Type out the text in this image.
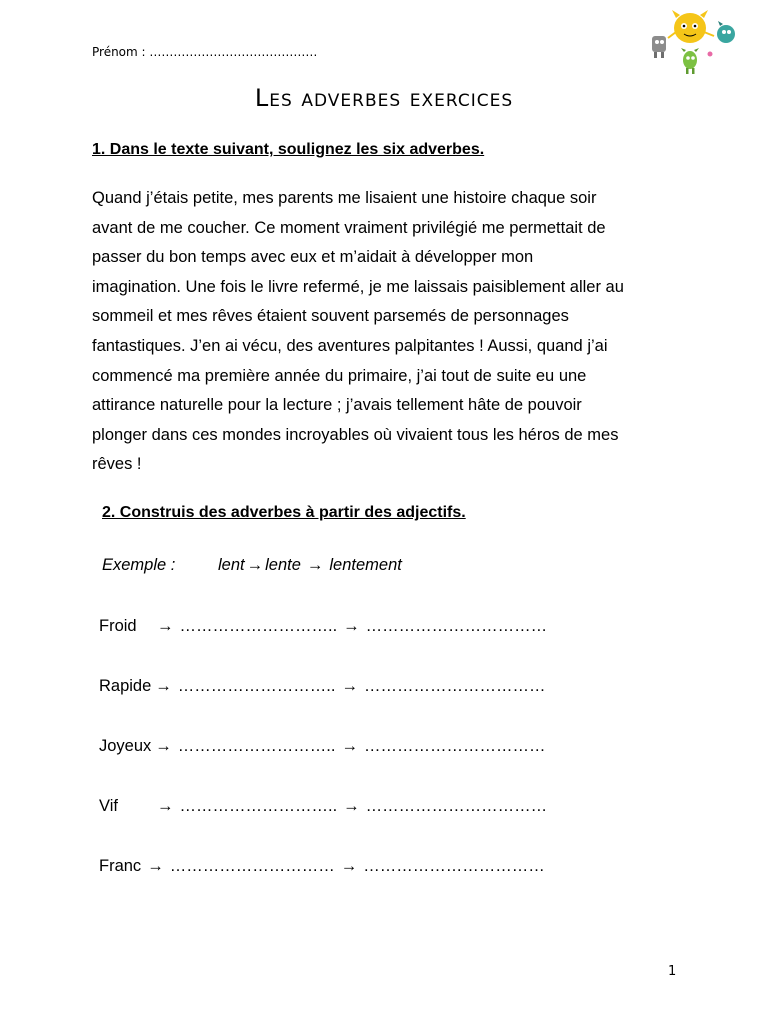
Prénom : ……………………………………
Les adverbes exercices
1. Dans le texte suivant, soulignez les six adverbes.
Quand j’étais petite, mes parents me lisaient une histoire chaque soir
avant de me coucher. Ce moment vraiment privilégié me permettait de
passer du bon temps avec eux et m’aidait à développer mon
imagination. Une fois le livre refermé, je me laissais paisiblement aller au
sommeil et mes rêves étaient souvent parsemés de personnages
fantastiques. J’en ai vécu, des aventures palpitantes ! Aussi, quand j’ai
commencé ma première année du primaire, j’ai tout de suite eu une
attirance naturelle pour la lecture ; j’avais tellement hâte de pouvoir
plonger dans ces mondes incroyables où vivaient tous les héros de mes
rêves !
2. Construis des adverbes à partir des adjectifs.
Exemple :	lent → lente → lentement
Froid → ……………………….. → ……………………………
Rapide → ……………………….. → ……………………………
Joyeux → ……………………….. → ……………………………
Vif → ……………………….. → ……………………………
Franc → ………………………… → ……………………………
1
